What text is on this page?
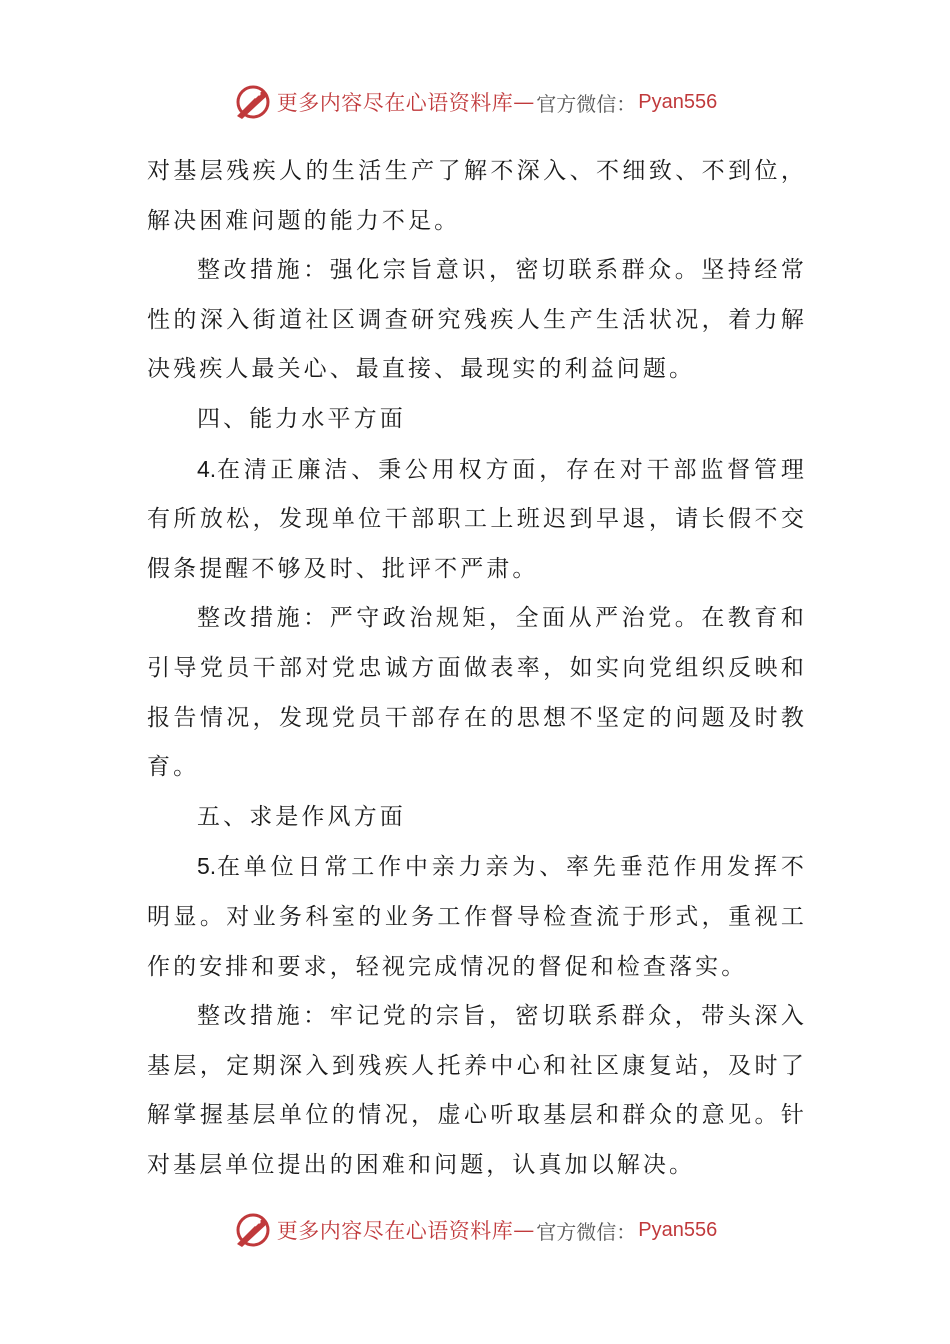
更多内容尽在心语资料库 — 官方微信： Pyan556

对基层残疾人的生活生产了解不深入、不细致、不到位，解决困难问题的能力不足。

整改措施：强化宗旨意识，密切联系群众。坚持经常性的深入街道社区调查研究残疾人生产生活状况，着力解决残疾人最关心、最直接、最现实的利益问题。

四、能力水平方面

4.在清正廉洁、秉公用权方面，存在对干部监督管理有所放松，发现单位干部职工上班迟到早退，请长假不交假条提醒不够及时、批评不严肃。

整改措施：严守政治规矩，全面从严治党。在教育和引导党员干部对党忠诚方面做表率，如实向党组织反映和报告情况，发现党员干部存在的思想不坚定的问题及时教育。

五、求是作风方面

5.在单位日常工作中亲力亲为、率先垂范作用发挥不明显。对业务科室的业务工作督导检查流于形式，重视工作的安排和要求，轻视完成情况的督促和检查落实。

整改措施：牢记党的宗旨，密切联系群众，带头深入基层，定期深入到残疾人托养中心和社区康复站，及时了解掌握基层单位的情况，虚心听取基层和群众的意见。针对基层单位提出的困难和问题，认真加以解决。

更多内容尽在心语资料库 — 官方微信： Pyan556
